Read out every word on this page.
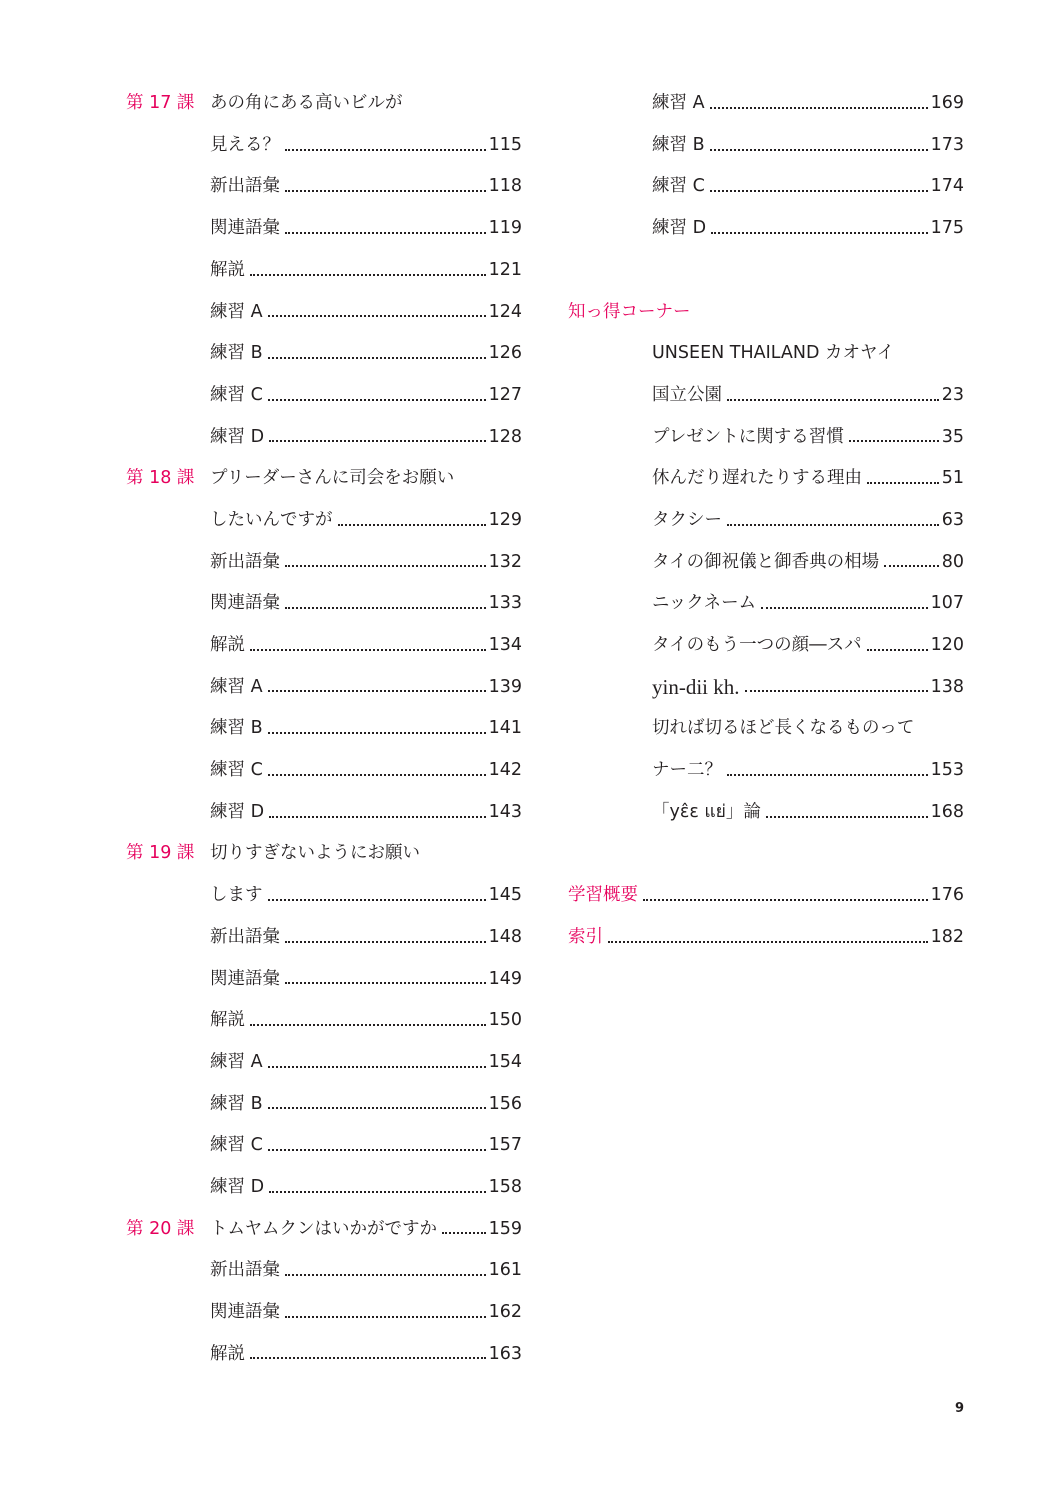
第 17 課 あの角にある高いビルが
見える？	115
新出語彙	118
関連語彙	119
解説	121
練習 A	124
練習 B	126
練習 C	127
練習 D	128
第 18 課 プリーダーさんに司会をお願い
したいんですが	129
新出語彙	132
関連語彙	133
解説	134
練習 A	139
練習 B	141
練習 C	142
練習 D	143
第 19 課 切りすぎないようにお願い
します	145
新出語彙	148
関連語彙	149
解説	150
練習 A	154
練習 B	156
練習 C	157
練習 D	158
第 20 課 トムヤムクンはいかがですか	159
新出語彙	161
関連語彙	162
解説	163
練習 A	169
練習 B	173
練習 C	174
練習 D	175
知っ得コーナー
UNSEEN THAILAND カオヤイ
国立公園	23
プレゼントに関する習慣	35
休んだり遅れたりする理由	51
タクシー	63
タイの御祝儀と御香典の相場	80
ニックネーム	107
タイのもう一つの顔―スパ	120
yin-dii kh.	138
切れば切るほど長くなるものって
ナー二？	153
「yɛ̂ɛ แย่」論	168
学習概要	176
索引	182
9
